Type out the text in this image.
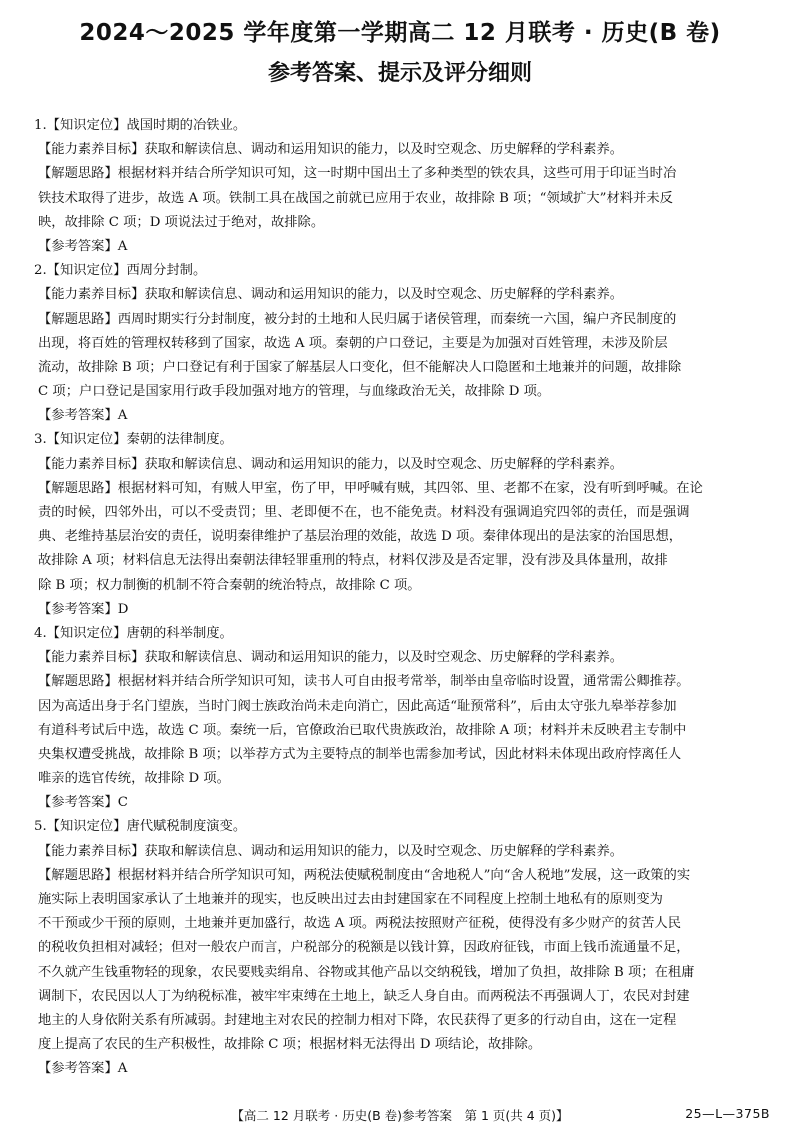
2024～2025 学年度第一学期高二 12 月联考 · 历史(B 卷)
参考答案、提示及评分细则
1.【知识定位】战国时期的冶铁业。
【能力素养目标】获取和解读信息、调动和运用知识的能力，以及时空观念、历史解释的学科素养。
【解题思路】根据材料并结合所学知识可知，这一时期中国出土了多种类型的铁农具，这些可用于印证当时冶
铁技术取得了进步，故选 A 项。铁制工具在战国之前就已应用于农业，故排除 B 项；“领域扩大”材料并未反
映，故排除 C 项；D 项说法过于绝对，故排除。
【参考答案】A
2.【知识定位】西周分封制。
【能力素养目标】获取和解读信息、调动和运用知识的能力，以及时空观念、历史解释的学科素养。
【解题思路】西周时期实行分封制度，被分封的土地和人民归属于诸侯管理，而秦统一六国，编户齐民制度的
出现，将百姓的管理权转移到了国家，故选 A 项。秦朝的户口登记，主要是为加强对百姓管理，未涉及阶层
流动，故排除 B 项；户口登记有利于国家了解基层人口变化，但不能解决人口隐匿和土地兼并的问题，故排除
C 项；户口登记是国家用行政手段加强对地方的管理，与血缘政治无关，故排除 D 项。
【参考答案】A
3.【知识定位】秦朝的法律制度。
【能力素养目标】获取和解读信息、调动和运用知识的能力，以及时空观念、历史解释的学科素养。
【解题思路】根据材料可知，有贼人甲室，伤了甲，甲呼喊有贼，其四邻、里、老都不在家，没有听到呼喊。在论
责的时候，四邻外出，可以不受责罚；里、老即便不在，也不能免责。材料没有强调追究四邻的责任，而是强调
典、老维持基层治安的责任，说明秦律维护了基层治理的效能，故选 D 项。秦律体现出的是法家的治国思想，
故排除 A 项；材料信息无法得出秦朝法律轻罪重刑的特点，材料仅涉及是否定罪，没有涉及具体量刑，故排
除 B 项；权力制衡的机制不符合秦朝的统治特点，故排除 C 项。
【参考答案】D
4.【知识定位】唐朝的科举制度。
【能力素养目标】获取和解读信息、调动和运用知识的能力，以及时空观念、历史解释的学科素养。
【解题思路】根据材料并结合所学知识可知，读书人可自由报考常举，制举由皇帝临时设置，通常需公卿推荐。
因为高适出身于名门望族，当时门阀士族政治尚未走向消亡，因此高适“耻预常科”，后由太守张九皋举荐参加
有道科考试后中选，故选 C 项。秦统一后，官僚政治已取代贵族政治，故排除 A 项；材料并未反映君主专制中
央集权遭受挑战，故排除 B 项；以举荐方式为主要特点的制举也需参加考试，因此材料未体现出政府悖离任人
唯亲的选官传统，故排除 D 项。
【参考答案】C
5.【知识定位】唐代赋税制度演变。
【能力素养目标】获取和解读信息、调动和运用知识的能力，以及时空观念、历史解释的学科素养。
【解题思路】根据材料并结合所学知识可知，两税法使赋税制度由“舍地税人”向“舍人税地”发展，这一政策的实
施实际上表明国家承认了土地兼并的现实，也反映出过去由封建国家在不同程度上控制土地私有的原则变为
不干预或少干预的原则，土地兼并更加盛行，故选 A 项。两税法按照财产征税，使得没有多少财产的贫苦人民
的税收负担相对减轻；但对一般农户而言，户税部分的税额是以钱计算，因政府征钱，市面上钱币流通量不足，
不久就产生钱重物轻的现象，农民要贱卖绢帛、谷物或其他产品以交纳税钱，增加了负担，故排除 B 项；在租庸
调制下，农民因以人丁为纳税标准，被牢牢束缚在土地上，缺乏人身自由。而两税法不再强调人丁，农民对封建
地主的人身依附关系有所减弱。封建地主对农民的控制力相对下降，农民获得了更多的行动自由，这在一定程
度上提高了农民的生产积极性，故排除 C 项；根据材料无法得出 D 项结论，故排除。
【参考答案】A
【高二 12 月联考 · 历史(B 卷)参考答案　第 1 页(共 4 页)】	25—L—375B
